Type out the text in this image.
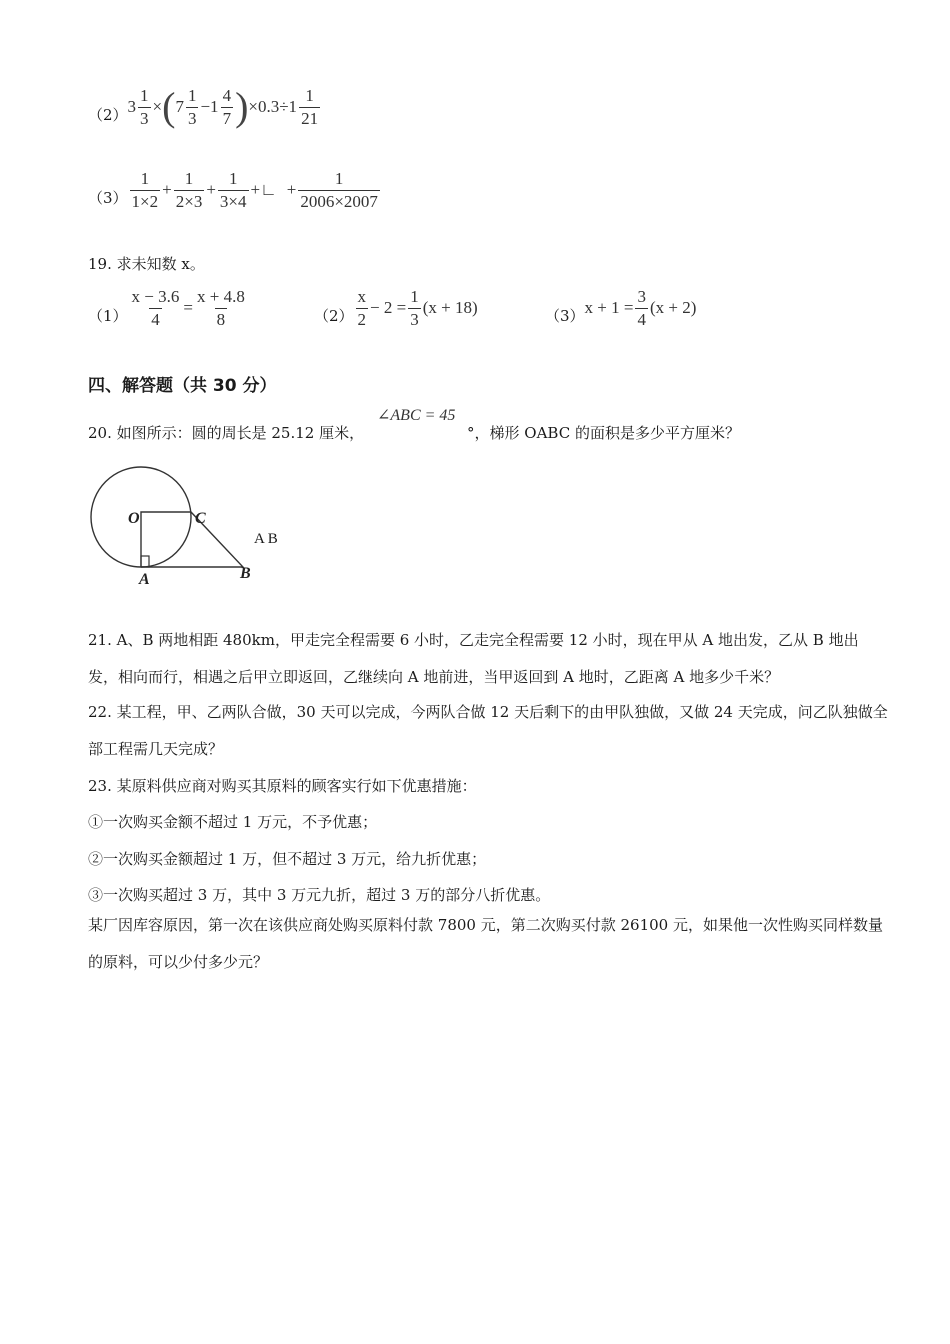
（2） $3 \frac{1}{3}$ × ( 7
1
3
−1
4
7 ) ×0.3÷1
1
21
（3）
1
1×2
+ $\frac{1}{2\times 3} + \frac{1}{3\times 4}$ +∟ + $\frac{1}{2006\times 2007}$
19. 求未知数 x。
$(1) \frac{x - 3.6}{4} = \frac{x + 4.8}{8}$	（2）
x
2
− $2 = \frac{1}{3} (x + 18)$	（3） $x + 1 = \frac{3}{4} (x + 2)$
四、解答题（共 30 分）
20. 如图所示：圆的周长是 25.12 厘米，
∠ABC = 45
°，梯形 OABC 的面积是多少平方厘米？
O	C
A	B
A B
21. A、B 两地相距 480km，甲走完全程需要 6 小时，乙走完全程需要 12 小时，现在甲从 A 地出发，乙从 B 地出发，相向而行，相遇之后甲立即返回，乙继续向 A 地前进，当甲返回到 A 地时，乙距离 A 地多少千米？
22. 某工程，甲、乙两队合做，30 天可以完成，今两队合做 12 天后剩下的由甲队独做，又做 24 天完成，问乙队独做全部工程需几天完成？
23. 某原料供应商对购买其原料的顾客实行如下优惠措施：
①一次购买金额不超过 1 万元，不予优惠；
②一次购买金额超过 1 万，但不超过 3 万元，给九折优惠；
③一次购买超过 3 万，其中 3 万元九折，超过 3 万的部分八折优惠。
某厂因库容原因，第一次在该供应商处购买原料付款 7800 元，第二次购买付款 26100 元，如果他一次性购买同样数量的原料，可以少付多少元？
